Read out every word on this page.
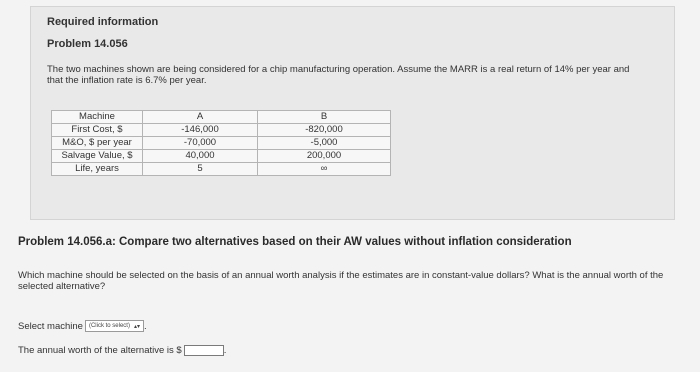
Required information
Problem 14.056
The two machines shown are being considered for a chip manufacturing operation. Assume the MARR is a real return of 14% per year and that the inflation rate is 6.7% per year.
Machine	A	B
First Cost, $	-146,000	-820,000
M&O, $ per year	-70,000	-5,000
Salvage Value, $	40,000	200,000
Life, years	5	∞
Problem 14.056.a: Compare two alternatives based on their AW values without inflation consideration
Which machine should be selected on the basis of an annual worth analysis if the estimates are in constant-value dollars? What is the annual worth of the selected alternative?
Select machine (Click to select) ▴▾ .
The annual worth of the alternative is $	.
